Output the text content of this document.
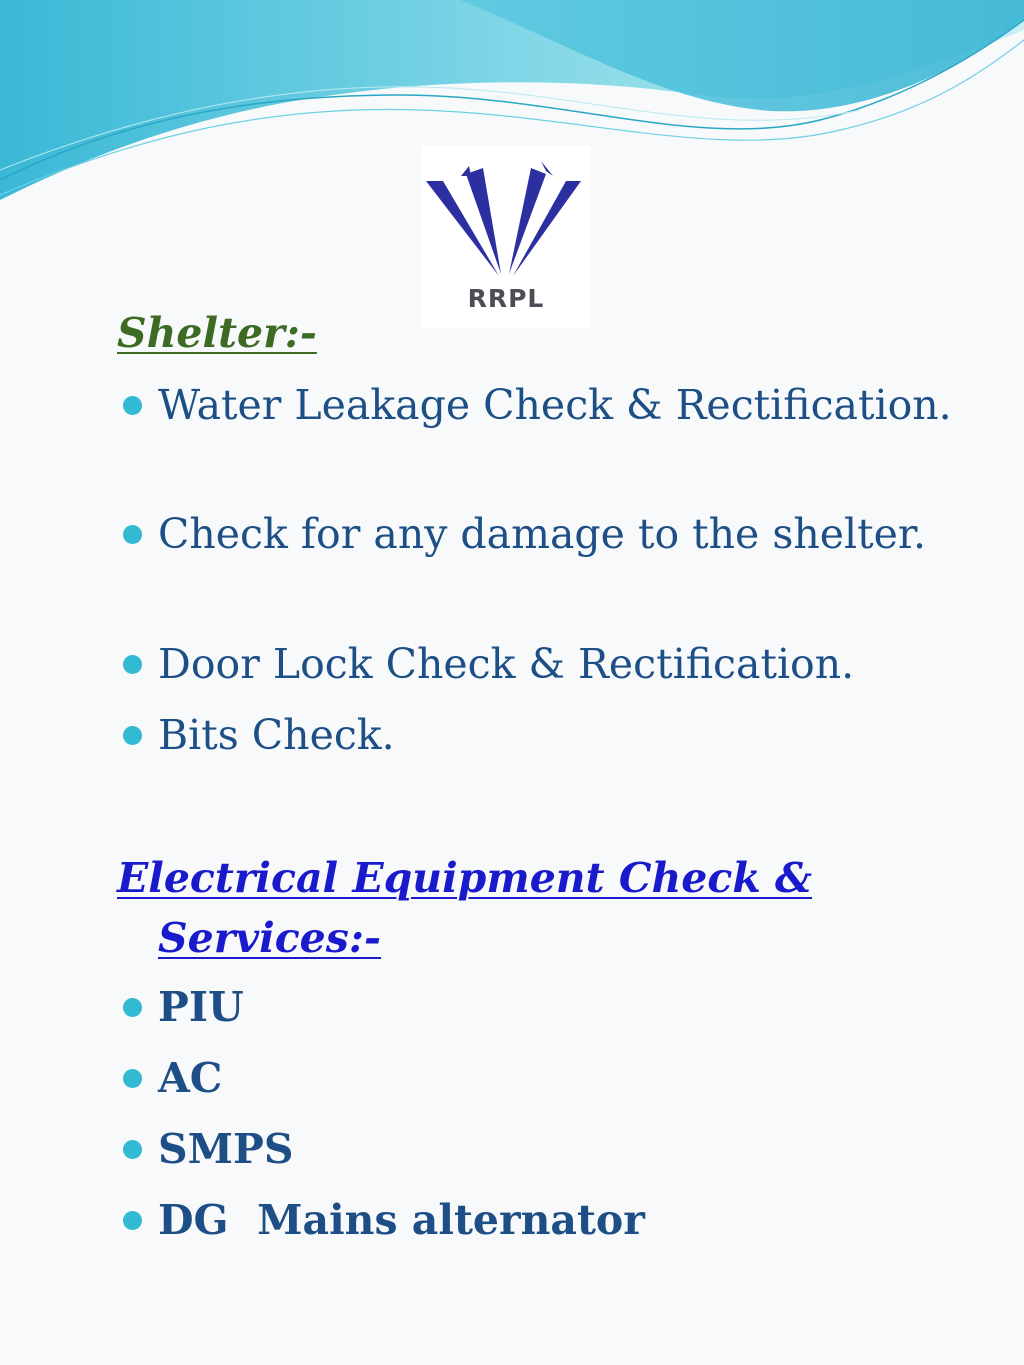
RRPL
Shelter:-
Water Leakage Check & Rectification.
Check for any damage to the shelter.
Door Lock Check & Rectification.
Bits Check.
Electrical Equipment Check &
Services:-
PIU
AC
SMPS
DG  Mains alternator
